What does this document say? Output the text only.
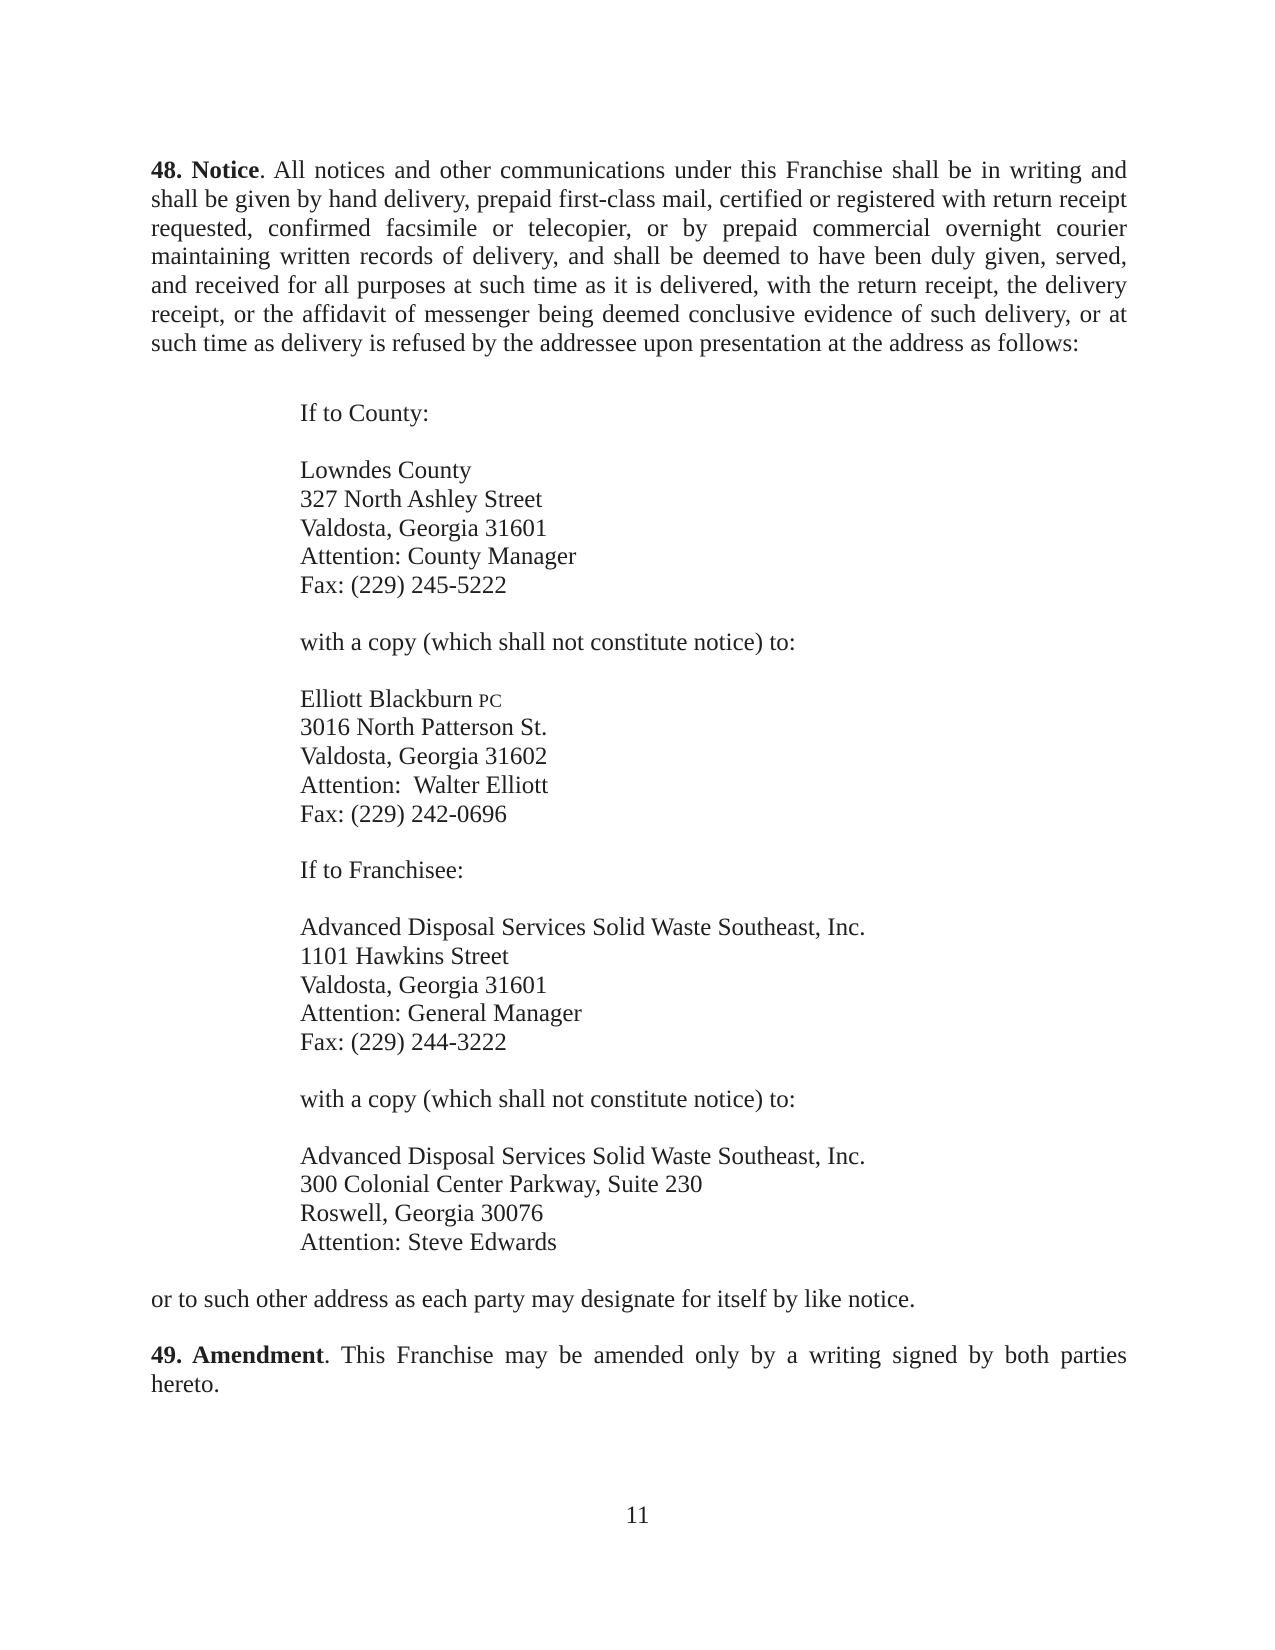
48. Notice. All notices and other communications under this Franchise shall be in writing and shall be given by hand delivery, prepaid first-class mail, certified or registered with return receipt requested, confirmed facsimile or telecopier, or by prepaid commercial overnight courier maintaining written records of delivery, and shall be deemed to have been duly given, served, and received for all purposes at such time as it is delivered, with the return receipt, the delivery receipt, or the affidavit of messenger being deemed conclusive evidence of such delivery, or at such time as delivery is refused by the addressee upon presentation at the address as follows:

If to County:

Lowndes County
327 North Ashley Street
Valdosta, Georgia 31601
Attention: County Manager
Fax: (229) 245-5222

with a copy (which shall not constitute notice) to:

Elliott Blackburn PC
3016 North Patterson St.
Valdosta, Georgia 31602
Attention:  Walter Elliott
Fax: (229) 242-0696

If to Franchisee:

Advanced Disposal Services Solid Waste Southeast, Inc.
1101 Hawkins Street
Valdosta, Georgia 31601
Attention: General Manager
Fax: (229) 244-3222

with a copy (which shall not constitute notice) to:

Advanced Disposal Services Solid Waste Southeast, Inc.
300 Colonial Center Parkway, Suite 230
Roswell, Georgia 30076
Attention: Steve Edwards

or to such other address as each party may designate for itself by like notice.

49. Amendment. This Franchise may be amended only by a writing signed by both parties hereto.

11
